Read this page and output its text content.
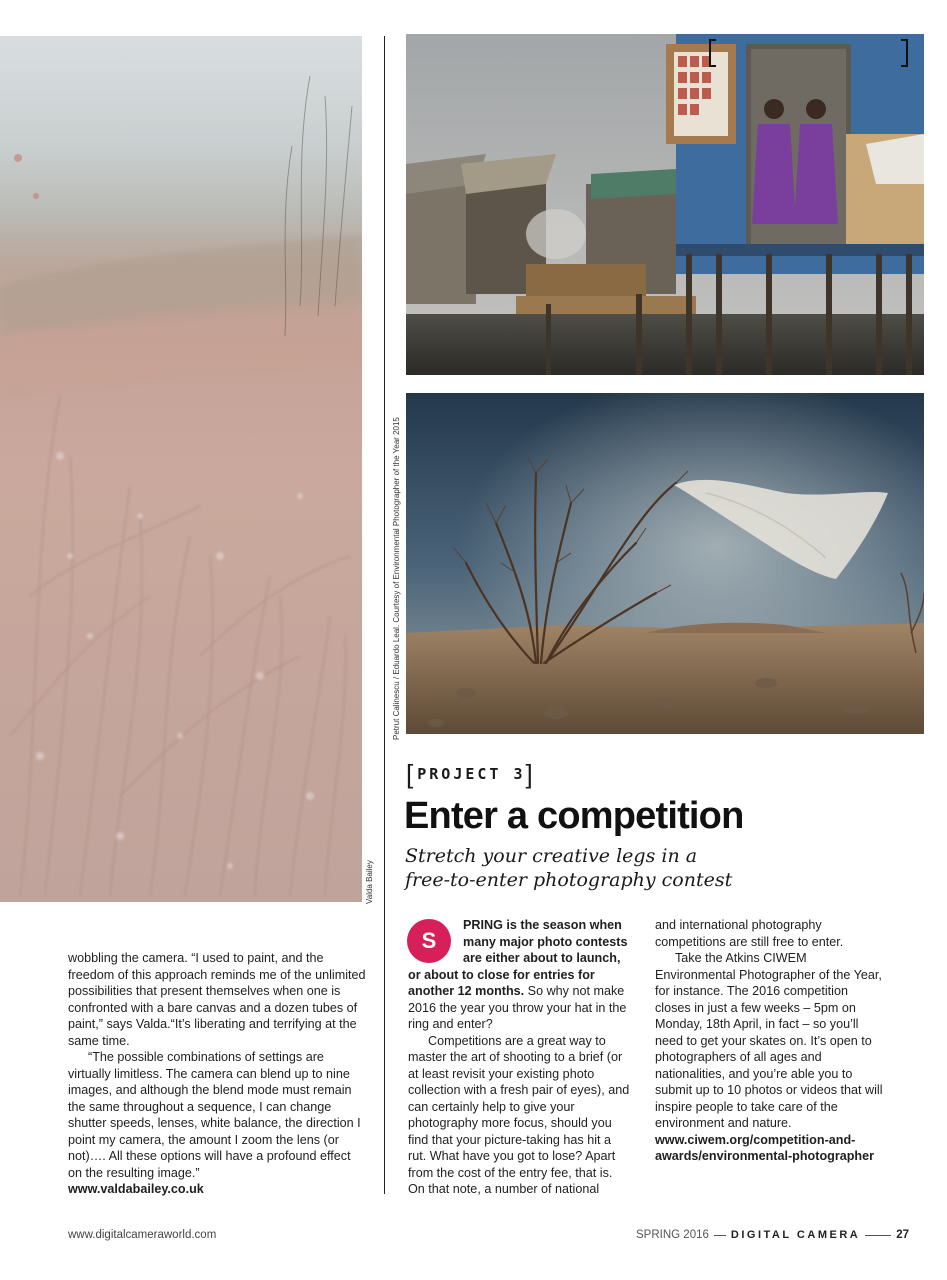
Valda Bailey
Petrut Calinescu / Eduardo Leal. Courtesy of Environmental Photographer of the Year 2015
[ PROJECT 3 ]
Enter a competition
Stretch your creative legs in a
free-to-enter photography contest

wobbling the camera. “I used to paint, and the freedom of this approach reminds me of the unlimited possibilities that present themselves when one is confronted with a bare canvas and a dozen tubes of paint,” says Valda.“It’s liberating and terrifying at the same time.

“The possible combinations of settings are virtually limitless. The camera can blend up to nine images, and although the blend mode must remain the same throughout a sequence, I can change shutter speeds, lenses, white balance, the direction I point my camera, the amount I zoom the lens (or not)…. All these options will have a profound effect on the resulting image.”

www.valdabailey.co.uk

S
PRING is the season when many major photo contests are either about to launch, or about to close for entries for another 12 months. So why not make 2016 the year you throw your hat in the ring and enter?

Competitions are a great way to master the art of shooting to a brief (or at least revisit your existing photo collection with a fresh pair of eyes), and can certainly help to give your photography more focus, should you find that your picture-taking has hit a rut. What have you got to lose? Apart from the cost of the entry fee, that is. On that note, a number of national

and international photography competitions are still free to enter.

Take the Atkins CIWEM Environmental Photographer of the Year, for instance. The 2016 competition closes in just a few weeks – 5pm on Monday, 18th April, in fact – so you’ll need to get your skates on. It’s open to photographers of all ages and nationalities, and you’re able you to submit up to 10 photos or videos that will inspire people to take care of the environment and nature.

www.ciwem.org/competition-and-awards/environmental-photographer

www.digitalcameraworld.com	SPRING 2016 DIGITAL CAMERA	27
